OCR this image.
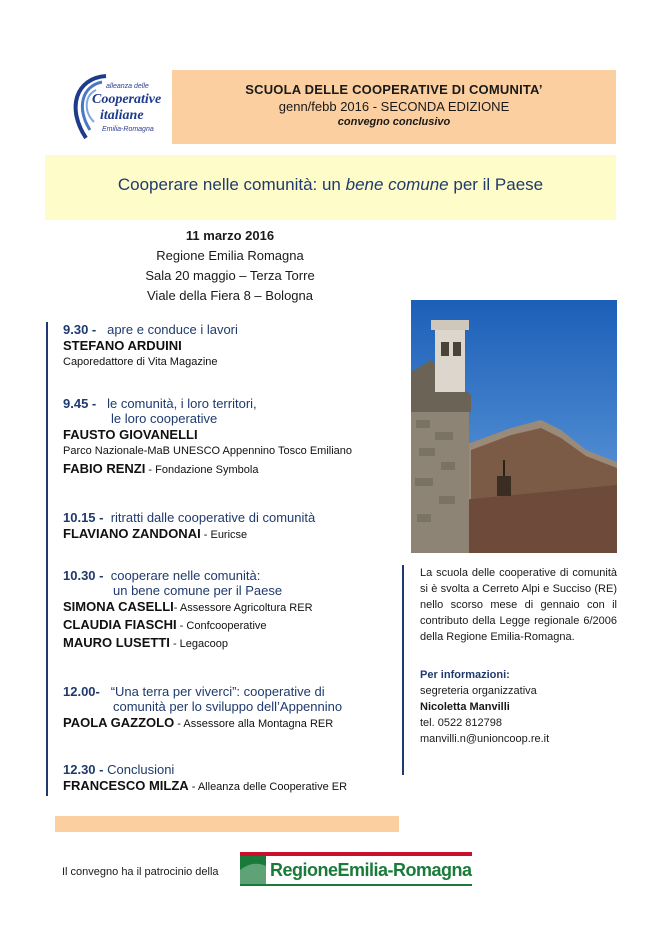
alleanza delle
Cooperative
italiane
Emilia-Romagna
SCUOLA DELLE COOPERATIVE DI COMUNITA’
genn/febb 2016 - SECONDA EDIZIONE
convegno conclusivo
Cooperare nelle comunità: un bene comune per il Paese
11 marzo 2016
Regione Emilia Romagna
Sala 20 maggio – Terza Torre
Viale della Fiera 8 – Bologna
9.30 - apre e conduce i lavori
STEFANO ARDUINI
Caporedattore di Vita Magazine
9.45 - le comunità, i loro territori,
le loro cooperative
FAUSTO GIOVANELLI
Parco Nazionale-MaB UNESCO Appennino Tosco Emiliano
FABIO RENZI - Fondazione Symbola
10.15 - ritratti dalle cooperative di comunità
FLAVIANO ZANDONAI - Euricse
10.30 - cooperare nelle comunità:
un bene comune per il Paese
SIMONA CASELLI- Assessore Agricoltura RER
CLAUDIA FIASCHI - Confcooperative
MAURO LUSETTI - Legacoop
12.00- “Una terra per viverci”: cooperative di
comunità per lo sviluppo dell’Appennino
PAOLA GAZZOLO - Assessore alla Montagna RER
12.30 - Conclusioni
FRANCESCO MILZA - Alleanza delle Cooperative ER
La scuola delle cooperative di comunità si è svolta a Cerreto Alpi e Succiso (RE) nello scorso mese di gennaio con il contributo della Legge regionale 6/2006 della Regione Emilia-Romagna.
Per informazioni:
segreteria organizzativa
Nicoletta Manvilli
tel. 0522 812798
manvilli.n@unioncoop.re.it
Il convegno ha il patrocinio della	RegioneEmilia-Romagna
